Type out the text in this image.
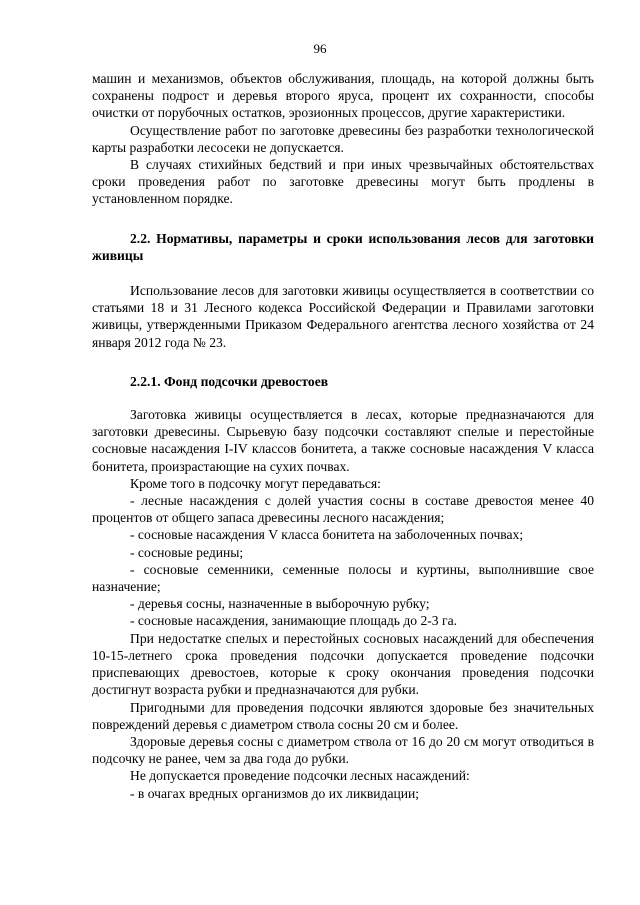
96

машин и механизмов, объектов обслуживания, площадь, на которой должны быть сохранены подрост и деревья второго яруса, процент их сохранности, способы очистки от порубочных остатков, эрозионных процессов, другие характеристики.

Осуществление работ по заготовке древесины без разработки технологической карты разработки лесосеки не допускается.

В случаях стихийных бедствий и при иных чрезвычайных обстоятельствах сроки проведения работ по заготовке древесины могут быть продлены в установленном порядке.

2.2. Нормативы, параметры и сроки использования лесов для заготовки живицы

Использование лесов для заготовки живицы осуществляется в соответствии со статьями 18 и 31 Лесного кодекса Российской Федерации и Правилами заготовки живицы, утвержденными Приказом Федерального агентства лесного хозяйства от 24 января 2012 года № 23.

2.2.1. Фонд подсочки древостоев

Заготовка живицы осуществляется в лесах, которые предназначаются для заготовки древесины. Сырьевую базу подсочки составляют спелые и перестойные сосновые насаждения I-IV классов бонитета, а также сосновые насаждения V класса бонитета, произрастающие на сухих почвах.

Кроме того в подсочку могут передаваться:

- лесные насаждения с долей участия сосны в составе древостоя менее 40 процентов от общего запаса древесины лесного насаждения;

- сосновые насаждения V класса бонитета на заболоченных почвах;

- сосновые редины;

- сосновые семенники, семенные полосы и куртины, выполнившие свое назначение;

- деревья сосны, назначенные в выборочную рубку;

- сосновые насаждения, занимающие площадь до 2-3 га.

При недостатке спелых и перестойных сосновых насаждений для обеспечения 10-15-летнего срока проведения подсочки допускается проведение подсочки приспевающих древостоев, которые к сроку окончания проведения подсочки достигнут возраста рубки и предназначаются для рубки.

Пригодными для проведения подсочки являются здоровые без значительных повреждений деревья с диаметром ствола сосны 20 см и более.

Здоровые деревья сосны с диаметром ствола от 16 до 20 см могут отводиться в подсочку не ранее, чем за два года до рубки.

Не допускается проведение подсочки лесных насаждений:

- в очагах вредных организмов до их ликвидации;
